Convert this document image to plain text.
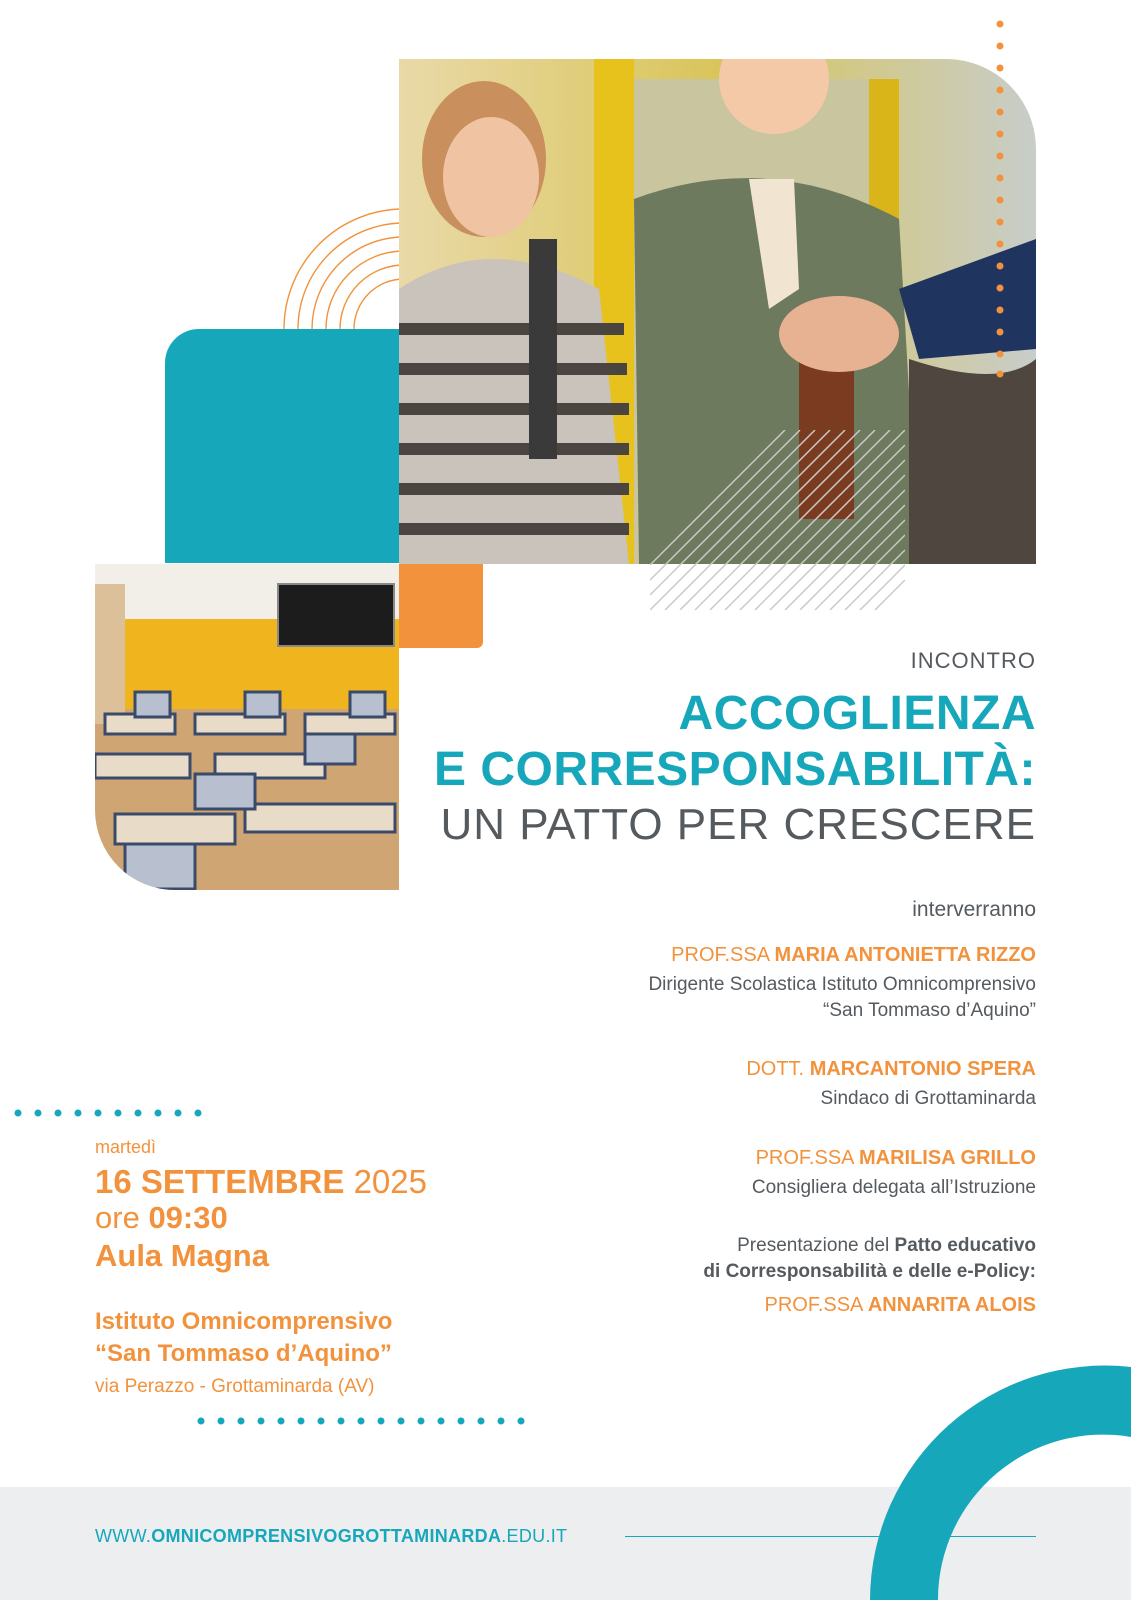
INCONTRO
ACCOGLIENZA
E CORRESPONSABILITÀ:
UN PATTO PER CRESCERE
interverranno
PROF.SSA MARIA ANTONIETTA RIZZO
Dirigente Scolastica Istituto Omnicomprensivo
“San Tommaso d’Aquino”
DOTT. MARCANTONIO SPERA
Sindaco di Grottaminarda
PROF.SSA MARILISA GRILLO
Consigliera delegata all’Istruzione
Presentazione del Patto educativo
di Corresponsabilità e delle e-Policy:
PROF.SSA ANNARITA ALOIS
martedì
16 SETTEMBRE 2025
ore 09:30
Aula Magna
Istituto Omnicomprensivo
“San Tommaso d’Aquino”
via Perazzo - Grottaminarda (AV)
WWW.OMNICOMPRENSIVOGROTTAMINARDA.EDU.IT
